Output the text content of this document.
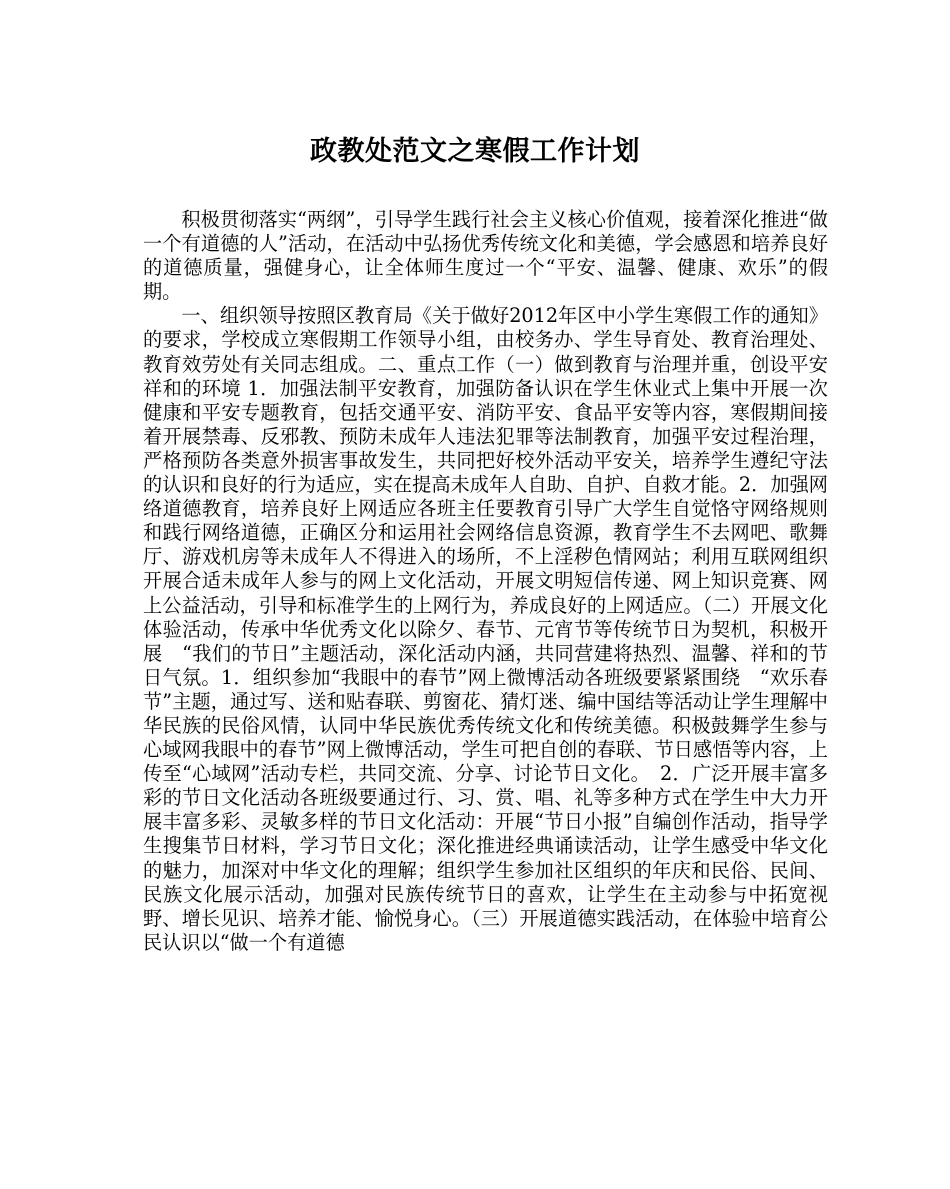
政教处范文之寒假工作计划

积极贯彻落实“两纲”，引导学生践行社会主义核心价值观，接着深化推进“做一个有道德的人”活动，在活动中弘扬优秀传统文化和美德，学会感恩和培养良好的道德质量，强健身心，让全体师生度过一个“平安、温馨、健康、欢乐”的假期。

一、组织领导按照区教育局《关于做好2012年区中小学生寒假工作的通知》的要求，学校成立寒假期工作领导小组，由校务办、学生导育处、教育治理处、教育效劳处有关同志组成。二、重点工作（一）做到教育与治理并重，创设平安祥和的环境 1．加强法制平安教育，加强防备认识在学生休业式上集中开展一次健康和平安专题教育，包括交通平安、消防平安、食品平安等内容，寒假期间接着开展禁毒、反邪教、预防未成年人违法犯罪等法制教育，加强平安过程治理，严格预防各类意外损害事故发生，共同把好校外活动平安关，培养学生遵纪守法的认识和良好的行为适应，实在提高未成年人自助、自护、自救才能。2．加强网络道德教育，培养良好上网适应各班主任要教育引导广大学生自觉恪守网络规则和践行网络道德，正确区分和运用社会网络信息资源，教育学生不去网吧、歌舞厅、游戏机房等未成年人不得进入的场所，不上淫秽色情网站；利用互联网组织开展合适未成年人参与的网上文化活动，开展文明短信传递、网上知识竞赛、网上公益活动，引导和标准学生的上网行为，养成良好的上网适应。（二）开展文化体验活动，传承中华优秀文化以除夕、春节、元宵节等传统节日为契机，积极开展　“我们的节日”主题活动，深化活动内涵，共同营建将热烈、温馨、祥和的节日气氛。1．组织参加“我眼中的春节”网上微博活动各班级要紧紧围绕　“欢乐春节”主题，通过写、送和贴春联、剪窗花、猜灯迷、编中国结等活动让学生理解中华民族的民俗风情，认同中华民族优秀传统文化和传统美德。积极鼓舞学生参与心域网我眼中的春节”网上微博活动，学生可把自创的春联、节日感悟等内容，上传至“心域网”活动专栏，共同交流、分享、讨论节日文化。　2．广泛开展丰富多彩的节日文化活动各班级要通过行、习、赏、唱、礼等多种方式在学生中大力开展丰富多彩、灵敏多样的节日文化活动：开展“节日小报”自编创作活动，指导学生搜集节日材料，学习节日文化；深化推进经典诵读活动，让学生感受中华文化的魅力，加深对中华文化的理解；组织学生参加社区组织的年庆和民俗、民间、民族文化展示活动，加强对民族传统节日的喜欢，让学生在主动参与中拓宽视野、增长见识、培养才能、愉悦身心。（三）开展道德实践活动，在体验中培育公民认识以“做一个有道德
